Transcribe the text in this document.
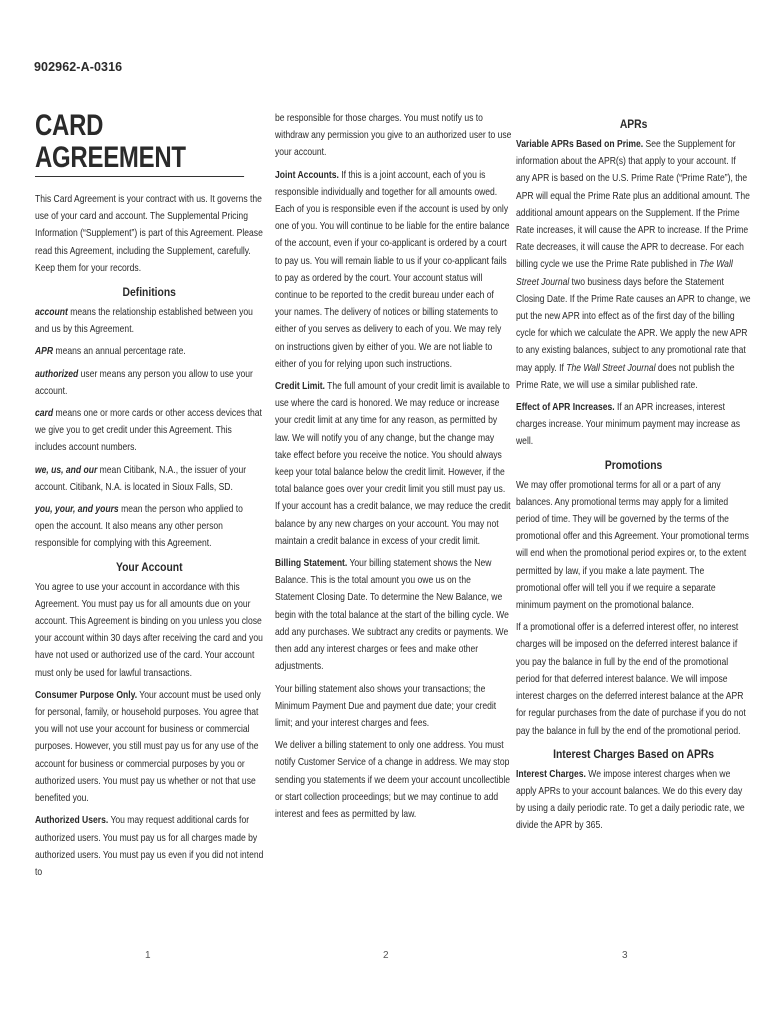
902962-A-0316
CARD AGREEMENT

This Card Agreement is your contract with us. It governs the use of your card and account. The Supplemental Pricing Information (“Supplement”) is part of this Agreement. Please read this Agreement, including the Supplement, carefully. Keep them for your records.

Definitions

account means the relationship established between you and us by this Agreement.

APR means an annual percentage rate.

authorized user means any person you allow to use your account.

card means one or more cards or other access devices that we give you to get credit under this Agreement. This includes account numbers.

we, us, and our mean Citibank, N.A., the issuer of your account. Citibank, N.A. is located in Sioux Falls, SD.

you, your, and yours mean the person who applied to open the account. It also means any other person responsible for complying with this Agreement.

Your Account

You agree to use your account in accordance with this Agreement. You must pay us for all amounts due on your account. This Agreement is binding on you unless you close your account within 30 days after receiving the card and you have not used or authorized use of the card. Your account must only be used for lawful transactions.

Consumer Purpose Only. Your account must be used only for personal, family, or household purposes. You agree that you will not use your account for business or commercial purposes. However, you still must pay us for any use of the account for business or commercial purposes by you or authorized users. You must pay us whether or not that use benefited you.

Authorized Users. You may request additional cards for authorized users. You must pay us for all charges made by authorized users. You must pay us even if you did not intend to

be responsible for those charges. You must notify us to withdraw any permission you give to an authorized user to use your account.

Joint Accounts. If this is a joint account, each of you is responsible individually and together for all amounts owed. Each of you is responsible even if the account is used by only one of you. You will continue to be liable for the entire balance of the account, even if your co-applicant is ordered by a court to pay us. You will remain liable to us if your co-applicant fails to pay as ordered by the court. Your account status will continue to be reported to the credit bureau under each of your names. The delivery of notices or billing statements to either of you serves as delivery to each of you. We may rely on instructions given by either of you. We are not liable to either of you for relying upon such instructions.

Credit Limit. The full amount of your credit limit is available to use where the card is honored. We may reduce or increase your credit limit at any time for any reason, as permitted by law. We will notify you of any change, but the change may take effect before you receive the notice. You should always keep your total balance below the credit limit. However, if the total balance goes over your credit limit you still must pay us. If your account has a credit balance, we may reduce the credit balance by any new charges on your account. You may not maintain a credit balance in excess of your credit limit.

Billing Statement. Your billing statement shows the New Balance. This is the total amount you owe us on the Statement Closing Date. To determine the New Balance, we begin with the total balance at the start of the billing cycle. We add any purchases. We subtract any credits or payments. We then add any interest charges or fees and make other adjustments.

Your billing statement also shows your transactions; the Minimum Payment Due and payment due date; your credit limit; and your interest charges and fees.

We deliver a billing statement to only one address. You must notify Customer Service of a change in address. We may stop sending you statements if we deem your account uncollectible or start collection proceedings; but we may continue to add interest and fees as permitted by law.

APRs

Variable APRs Based on Prime. See the Supplement for information about the APR(s) that apply to your account. If any APR is based on the U.S. Prime Rate (“Prime Rate”), the APR will equal the Prime Rate plus an additional amount. The additional amount appears on the Supplement. If the Prime Rate increases, it will cause the APR to increase. If the Prime Rate decreases, it will cause the APR to decrease. For each billing cycle we use the Prime Rate published in The Wall Street Journal two business days before the Statement Closing Date. If the Prime Rate causes an APR to change, we put the new APR into effect as of the first day of the billing cycle for which we calculate the APR. We apply the new APR to any existing balances, subject to any promotional rate that may apply. If The Wall Street Journal does not publish the Prime Rate, we will use a similar published rate.

Effect of APR Increases. If an APR increases, interest charges increase. Your minimum payment may increase as well.

Promotions

We may offer promotional terms for all or a part of any balances. Any promotional terms may apply for a limited period of time. They will be governed by the terms of the promotional offer and this Agreement. Your promotional terms will end when the promotional period expires or, to the extent permitted by law, if you make a late payment. The promotional offer will tell you if we require a separate minimum payment on the promotional balance.

If a promotional offer is a deferred interest offer, no interest charges will be imposed on the deferred interest balance if you pay the balance in full by the end of the promotional period for that deferred interest balance. We will impose interest charges on the deferred interest balance at the APR for regular purchases from the date of purchase if you do not pay the balance in full by the end of the promotional period.

Interest Charges Based on APRs

Interest Charges. We impose interest charges when we apply APRs to your account balances. We do this every day by using a daily periodic rate. To get a daily periodic rate, we divide the APR by 365.

1	2	3
